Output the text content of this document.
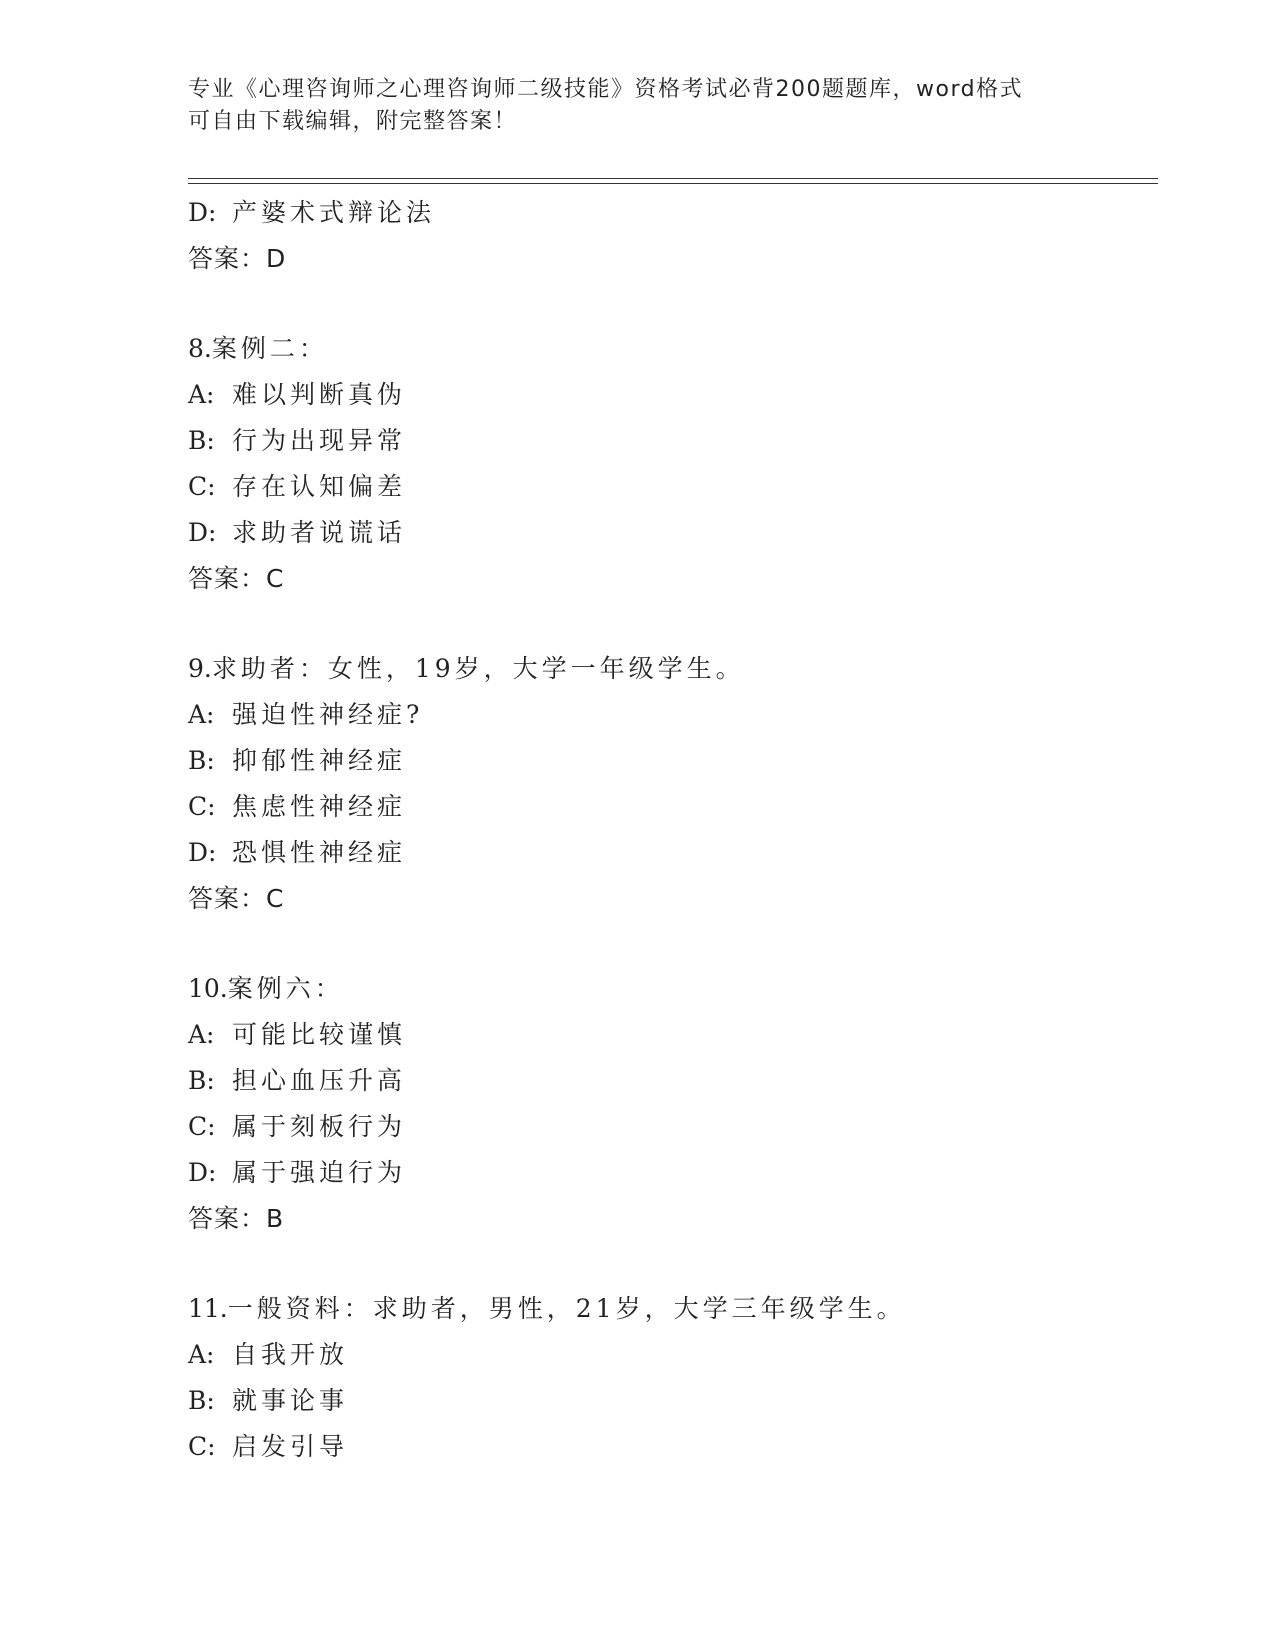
专业《心理咨询师之心理咨询师二级技能》资格考试必背200题题库，word格式
可自由下载编辑，附完整答案！
D: 产婆术式辩论法
答案：D
8.案例二：
A: 难以判断真伪
B: 行为出现异常
C: 存在认知偏差
D: 求助者说谎话
答案：C
9.求助者：女性，19岁，大学一年级学生。
A: 强迫性神经症?
B: 抑郁性神经症
C: 焦虑性神经症
D: 恐惧性神经症
答案：C
10.案例六：
A: 可能比较谨慎
B: 担心血压升高
C: 属于刻板行为
D: 属于强迫行为
答案：B
11.一般资料：求助者，男性，21岁，大学三年级学生。
A: 自我开放
B: 就事论事
C: 启发引导
